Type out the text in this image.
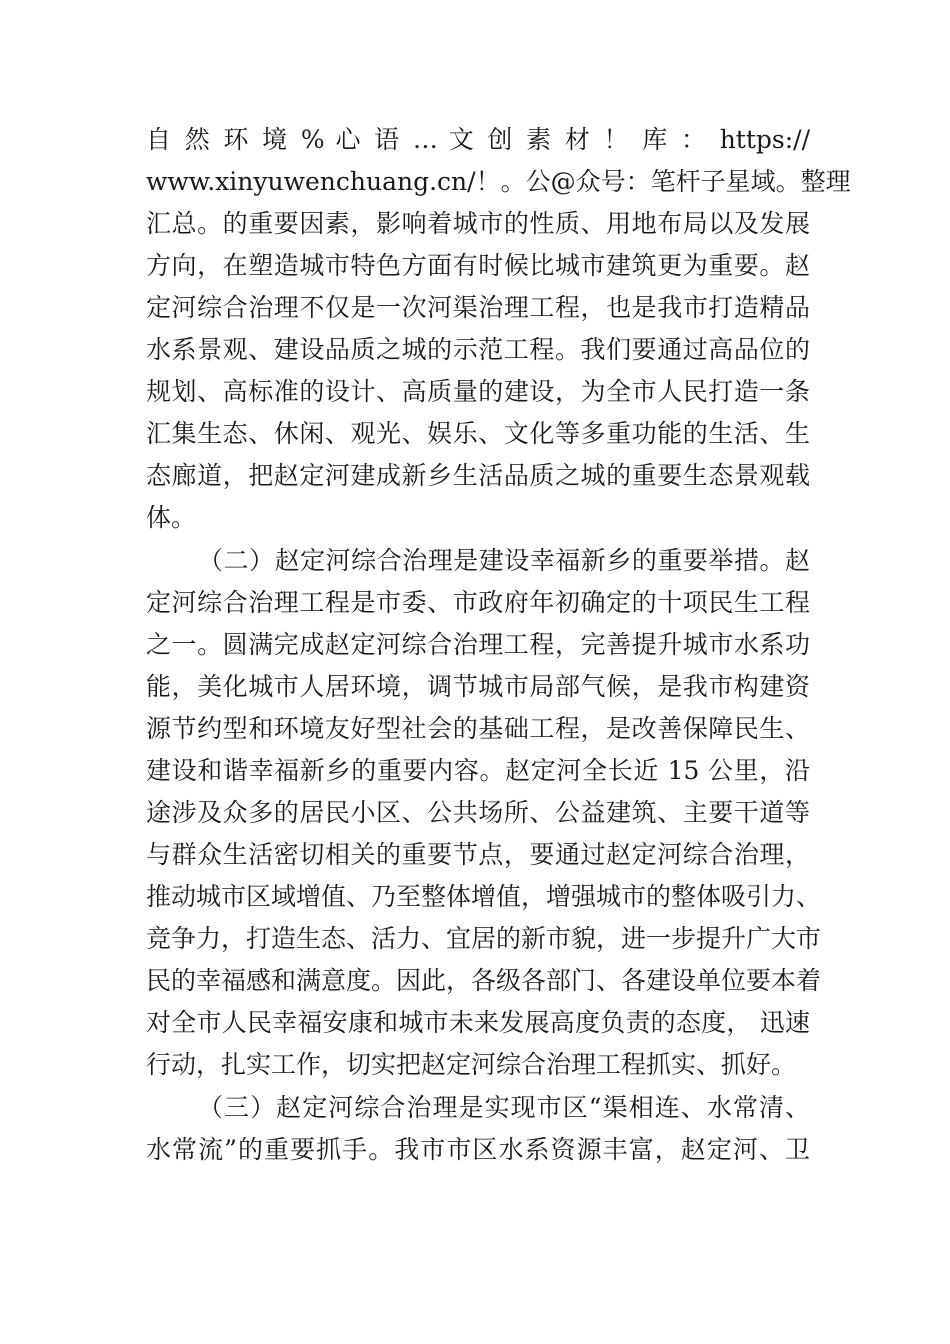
自 然 环 境 % 心 语 … 文 创 素 材 ！ 库 ： https://
www.xinyuwenchuang.cn/！。公@众号：笔杆子星域。整理
汇总。的重要因素，影响着城市的性质、用地布局以及发展
方向，在塑造城市特色方面有时候比城市建筑更为重要。赵
定河综合治理不仅是一次河渠治理工程，也是我市打造精品
水系景观、建设品质之城的示范工程。我们要通过高品位的
规划、高标准的设计、高质量的建设，为全市人民打造一条
汇集生态、休闲、观光、娱乐、文化等多重功能的生活、生
态廊道，把赵定河建成新乡生活品质之城的重要生态景观载
体。
（二）赵定河综合治理是建设幸福新乡的重要举措。赵
定河综合治理工程是市委、市政府年初确定的十项民生工程
之一。圆满完成赵定河综合治理工程，完善提升城市水系功
能，美化城市人居环境，调节城市局部气候，是我市构建资
源节约型和环境友好型社会的基础工程，是改善保障民生、
建设和谐幸福新乡的重要内容。赵定河全长近 15 公里，沿
途涉及众多的居民小区、公共场所、公益建筑、主要干道等
与群众生活密切相关的重要节点，要通过赵定河综合治理，
推动城市区域增值、乃至整体增值，增强城市的整体吸引力、
竞争力，打造生态、活力、宜居的新市貌，进一步提升广大市
民的幸福感和满意度。因此，各级各部门、各建设单位要本着
对全市人民幸福安康和城市未来发展高度负责的态度， 迅速
行动，扎实工作，切实把赵定河综合治理工程抓实、抓好。
（三）赵定河综合治理是实现市区“渠相连、水常清、
水常流”的重要抓手。我市市区水系资源丰富，赵定河、卫
